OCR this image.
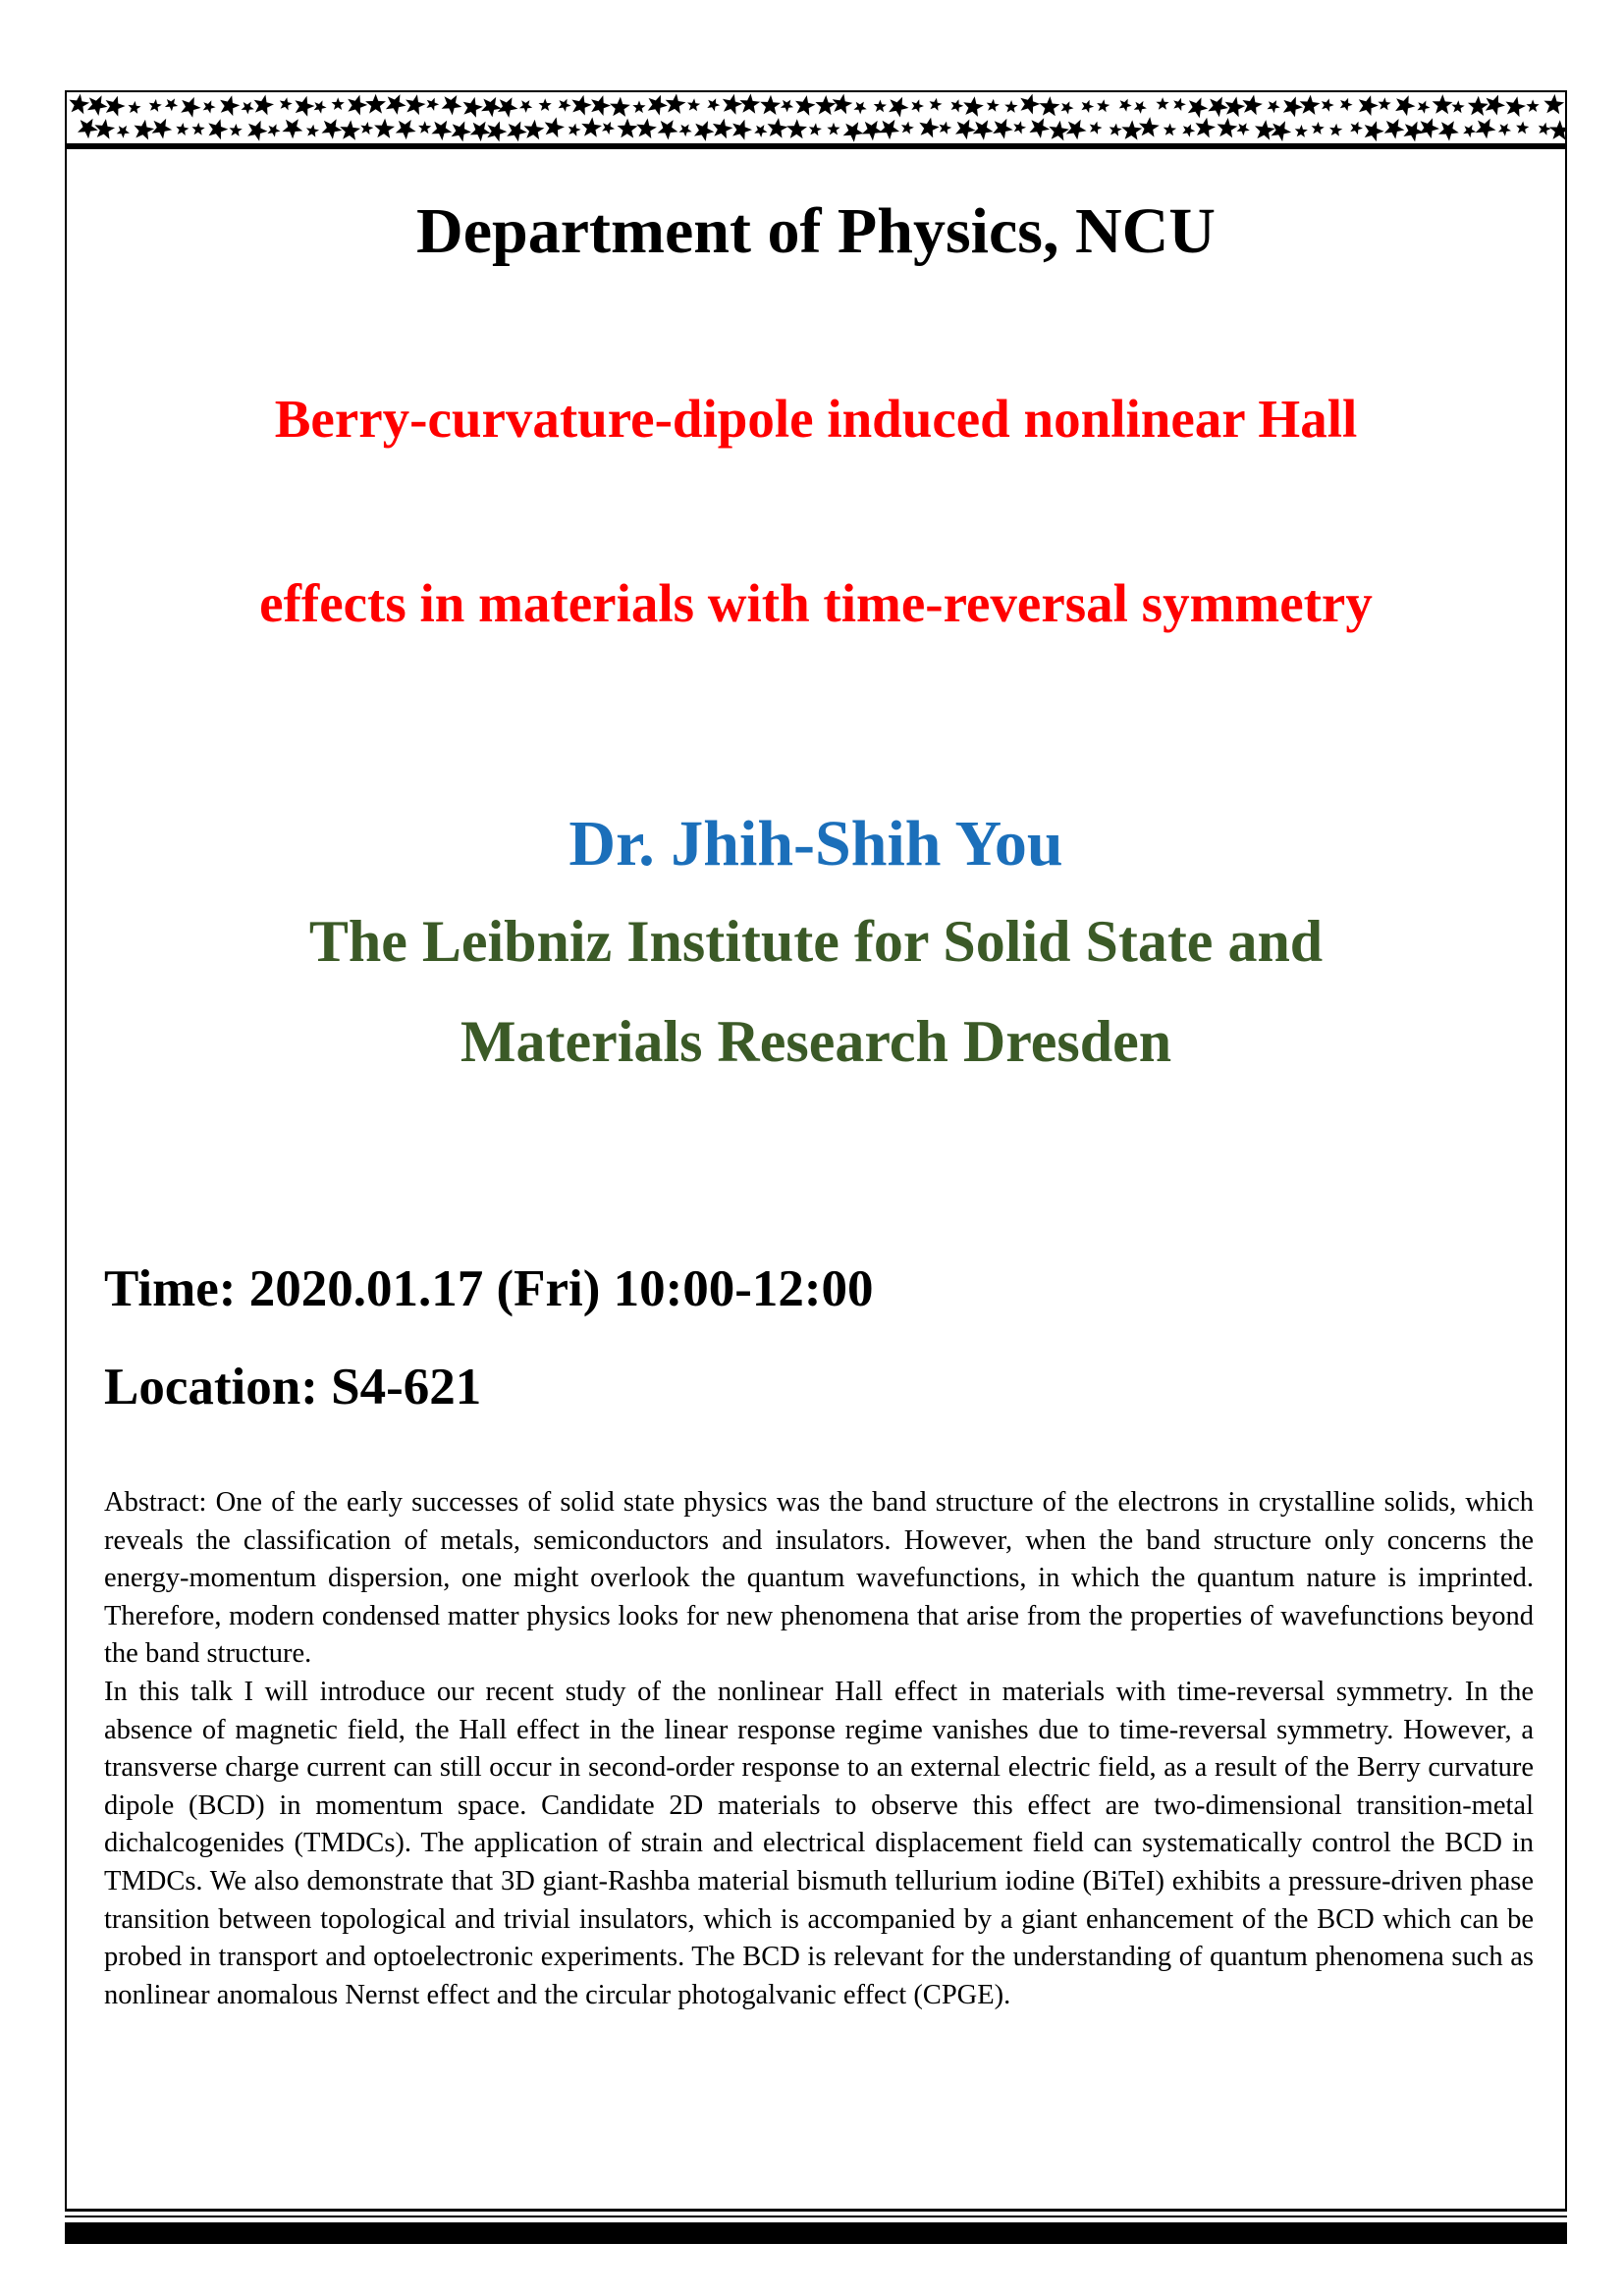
Department of Physics, NCU
Berry-curvature-dipole induced nonlinear Hall
effects in materials with time-reversal symmetry
Dr. Jhih-Shih You
The Leibniz Institute for Solid State and
Materials Research Dresden
Time: 2020.01.17 (Fri) 10:00-12:00
Location: S4-621

Abstract: One of the early successes of solid state physics was the band structure of the electrons in crystalline solids, which reveals the classification of metals, semiconductors and insulators. However, when the band structure only concerns the energy-momentum dispersion, one might overlook the quantum wavefunctions, in which the quantum nature is imprinted. Therefore, modern condensed matter physics looks for new phenomena that arise from the properties of wavefunctions beyond the band structure.

In this talk I will introduce our recent study of the nonlinear Hall effect in materials with time-reversal symmetry. In the absence of magnetic field, the Hall effect in the linear response regime vanishes due to time-reversal symmetry. However, a transverse charge current can still occur in second-order response to an external electric field, as a result of the Berry curvature dipole (BCD) in momentum space. Candidate 2D materials to observe this effect are two-dimensional transition-metal dichalcogenides (TMDCs). The application of strain and electrical displacement field can systematically control the BCD in TMDCs. We also demonstrate that 3D giant-Rashba material bismuth tellurium iodine (BiTeI) exhibits a pressure-driven phase transition between topological and trivial insulators, which is accompanied by a giant enhancement of the BCD which can be probed in transport and optoelectronic experiments. The BCD is relevant for the understanding of quantum phenomena such as nonlinear anomalous Nernst effect and the circular photogalvanic effect (CPGE).
